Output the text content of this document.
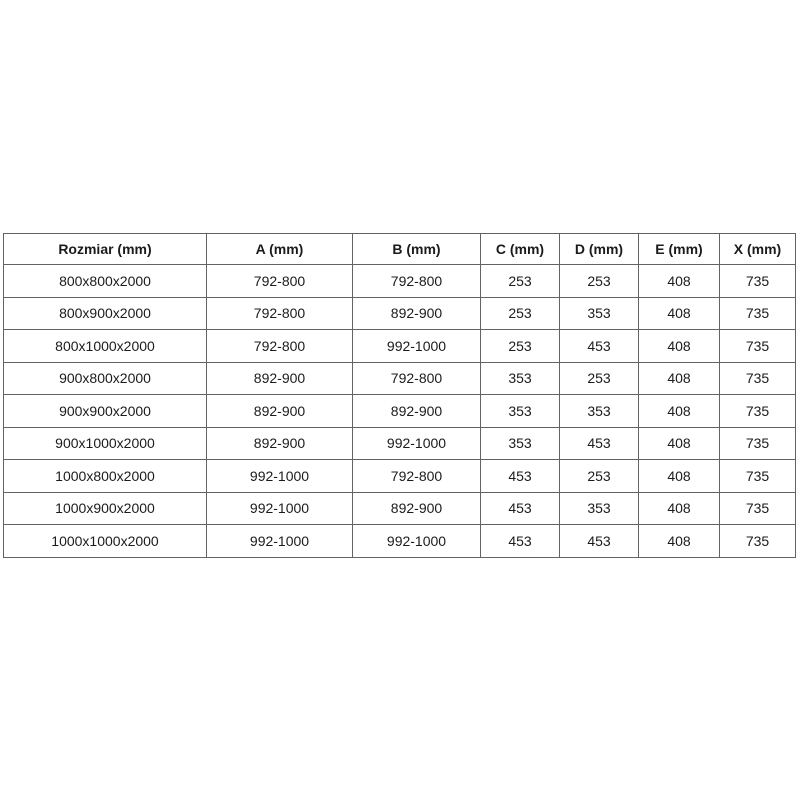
Rozmiar (mm)	A (mm)	B (mm)	C (mm)	D (mm)	E (mm)	X (mm)
800x800x2000	792-800	792-800	253	253	408	735
800x900x2000	792-800	892-900	253	353	408	735
800x1000x2000	792-800	992-1000	253	453	408	735
900x800x2000	892-900	792-800	353	253	408	735
900x900x2000	892-900	892-900	353	353	408	735
900x1000x2000	892-900	992-1000	353	453	408	735
1000x800x2000	992-1000	792-800	453	253	408	735
1000x900x2000	992-1000	892-900	453	353	408	735
1000x1000x2000	992-1000	992-1000	453	453	408	735
